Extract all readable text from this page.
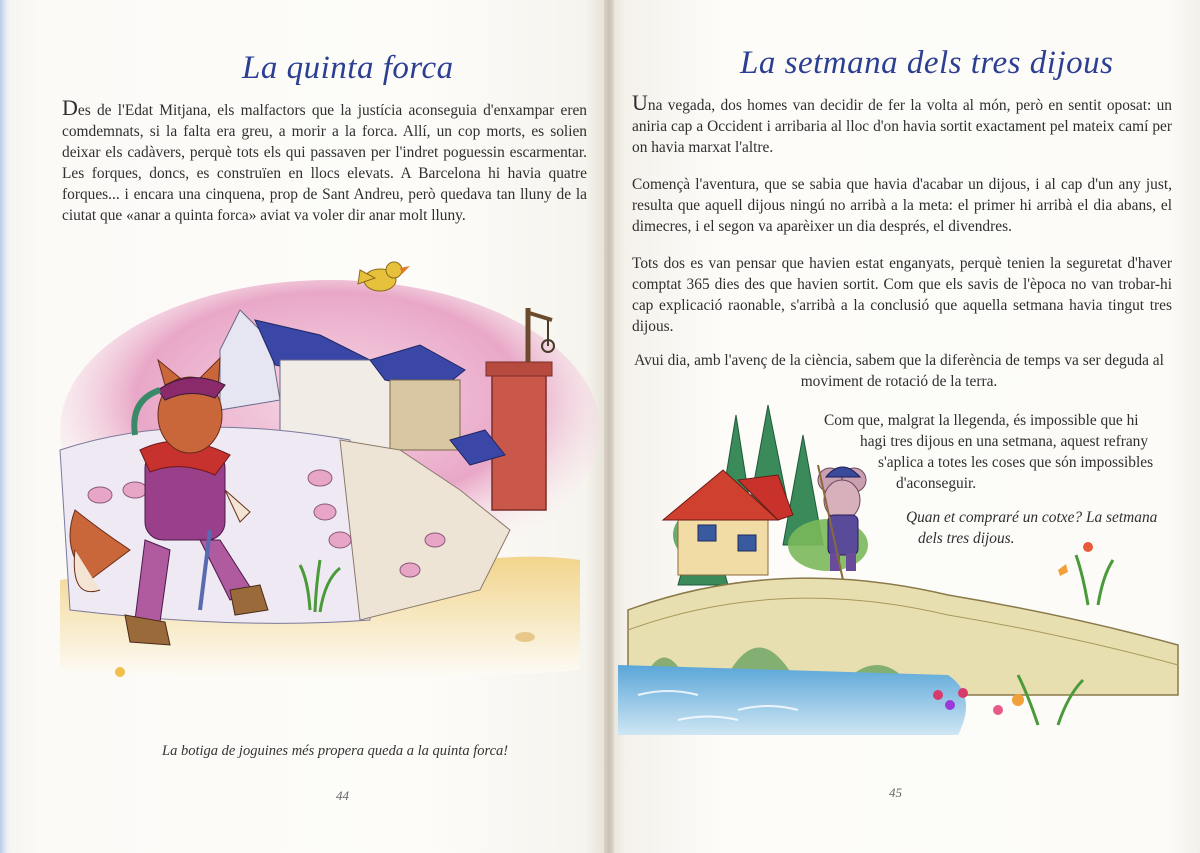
La quinta forca
Des de l'Edat Mitjana, els malfactors que la justícia aconseguia d'enxampar eren comdemnats, si la falta era greu, a morir a la forca. Allí, un cop morts, es solien deixar els cadàvers, perquè tots els qui passaven per l'indret poguessin escarmentar. Les forques, doncs, es construïen en llocs elevats. A Barcelona hi havia quatre forques... i encara una cinquena, prop de Sant Andreu, però quedava tan lluny de la ciutat que «anar a quinta forca» aviat va voler dir anar molt lluny.
La botiga de joguines més propera queda a la quinta forca!
44
La setmana dels tres dijous

Una vegada, dos homes van decidir de fer la volta al món, però en sentit oposat: un aniria cap a Occident i arribaria al lloc d'on havia sortit exactament pel mateix camí per on havia marxat l'altre.

Començà l'aventura, que se sabia que havia d'acabar un dijous, i al cap d'un any just, resulta que aquell dijous ningú no arribà a la meta: el primer hi arribà el dia abans, el dimecres, i el segon va aparèixer un dia després, el divendres.

Tots dos es van pensar que havien estat enganyats, perquè tenien la seguretat d'haver comptat 365 dies des que havien sortit. Com que els savis de l'època no van trobar-hi cap explicació raonable, s'arribà a la conclusió que aquella setmana havia tingut tres dijous.

Avui dia, amb l'avenç de la ciència, sabem que la diferència de temps va ser deguda al
moviment de rotació de la terra.
Com que, malgrat la llegenda, és impossible que hi
hagi tres dijous en una setmana, aquest refrany
s'aplica a totes les coses que són impossibles
d'aconseguir.
Quan et compraré un cotxe? La setmana
dels tres dijous.
45
